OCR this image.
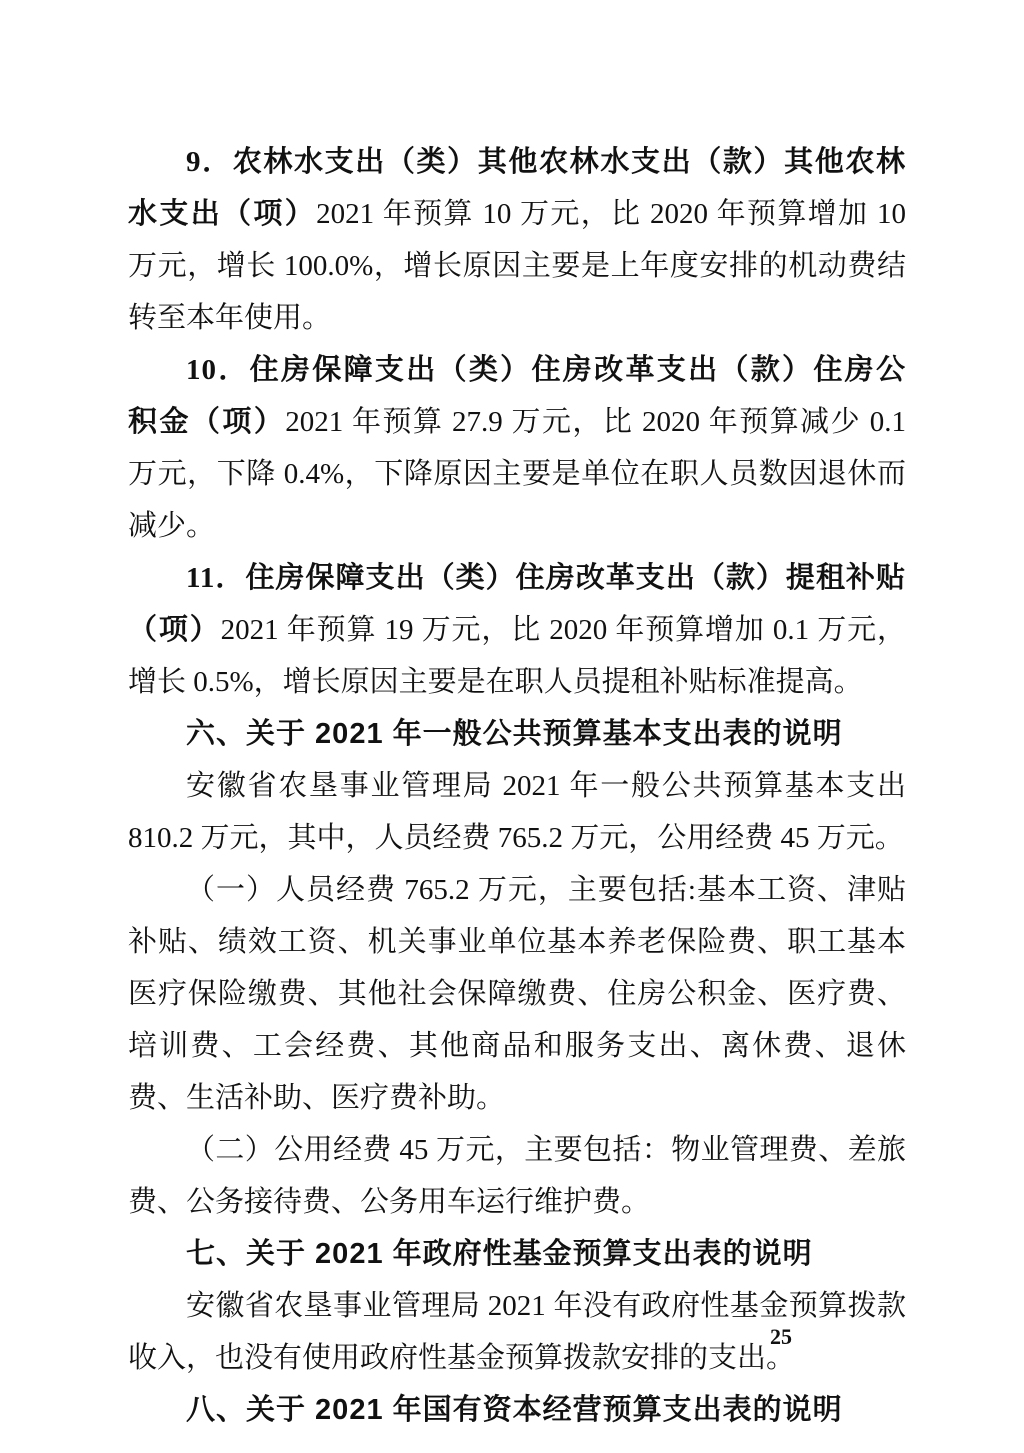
9．农林水支出（类）其他农林水支出（款）其他农林水支出（项）2021 年预算 10 万元，比 2020 年预算增加 10 万元，增长 100.0%，增长原因主要是上年度安排的机动费结转至本年使用。

10．住房保障支出（类）住房改革支出（款）住房公积金（项）2021 年预算 27.9 万元，比 2020 年预算减少 0.1 万元，下降 0.4%，下降原因主要是单位在职人员数因退休而减少。

11．住房保障支出（类）住房改革支出（款）提租补贴（项）2021 年预算 19 万元，比 2020 年预算增加 0.1 万元，增长 0.5%，增长原因主要是在职人员提租补贴标准提高。

六、关于 2021 年一般公共预算基本支出表的说明

安徽省农垦事业管理局 2021 年一般公共预算基本支出 810.2 万元，其中，人员经费 765.2 万元，公用经费 45 万元。

（一）人员经费 765.2 万元，主要包括:基本工资、津贴补贴、绩效工资、机关事业单位基本养老保险费、职工基本医疗保险缴费、其他社会保障缴费、住房公积金、医疗费、培训费、工会经费、其他商品和服务支出、离休费、退休费、生活补助、医疗费补助。

（二）公用经费 45 万元，主要包括：物业管理费、差旅费、公务接待费、公务用车运行维护费。

七、关于 2021 年政府性基金预算支出表的说明

安徽省农垦事业管理局 2021 年没有政府性基金预算拨款收入，也没有使用政府性基金预算拨款安排的支出。

八、关于 2021 年国有资本经营预算支出表的说明

25
